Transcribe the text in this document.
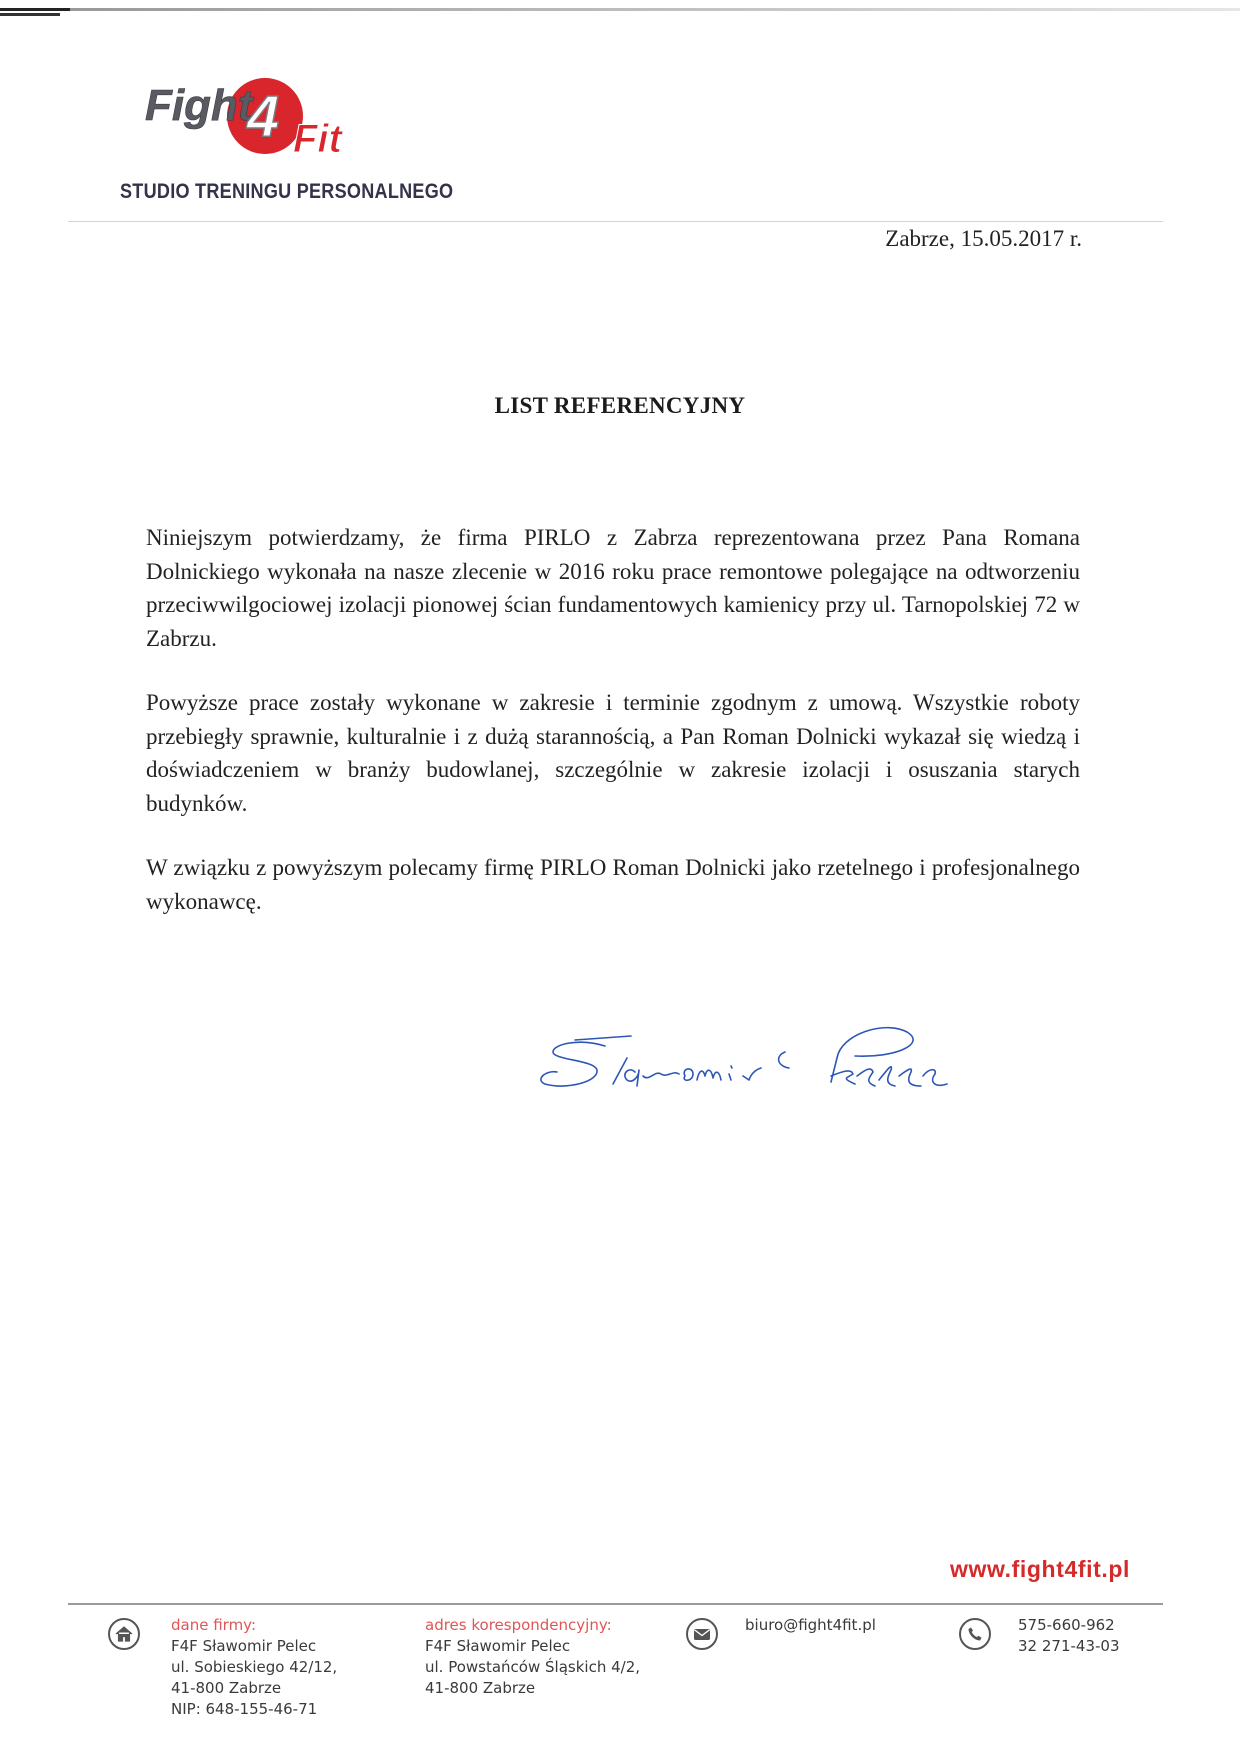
Fight
4 Fit
STUDIO TRENINGU PERSONALNEGO
Zabrze, 15.05.2017 r.
LIST REFERENCYJNY

Niniejszym potwierdzamy, że firma PIRLO z Zabrza reprezentowana przez Pana Romana Dolnickiego wykonała na nasze zlecenie w 2016 roku prace remontowe polegające na odtworzeniu przeciwwilgociowej izolacji pionowej ścian fundamentowych kamienicy przy ul. Tarnopolskiej 72 w Zabrzu.

Powyższe prace zostały wykonane w zakresie i terminie zgodnym z umową. Wszystkie roboty przebiegły sprawnie, kulturalnie i z dużą starannością, a Pan Roman Dolnicki wykazał się wiedzą i doświadczeniem w branży budowlanej, szczególnie w zakresie izolacji i osuszania starych budynków.

W związku z powyższym polecamy firmę PIRLO Roman Dolnicki jako rzetelnego i profesjonalnego wykonawcę.

www.fight4fit.pl
dane firmy:
F4F Sławomir Pelec
ul. Sobieskiego 42/12,
41-800 Zabrze
NIP: 648-155-46-71
adres korespondencyjny:
F4F Sławomir Pelec
ul. Powstańców Śląskich 4/2,
41-800 Zabrze
biuro@fight4fit.pl	575-660-962
32 271-43-03
